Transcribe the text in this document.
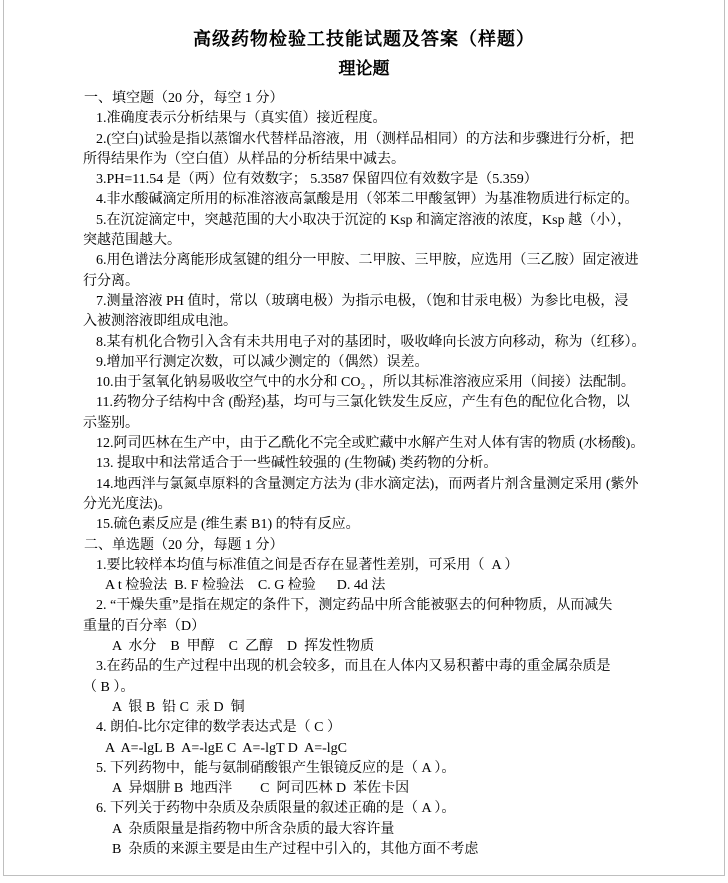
高级药物检验工技能试题及答案（样题）
理论题
一、填空题（20 分，每空 1 分）
1.准确度表示分析结果与（真实值）接近程度。
2.(空白)试验是指以蒸馏水代替样品溶液，用（测样品相同）的方法和步骤进行分析，把
所得结果作为（空白值）从样品的分析结果中减去。
3.PH=11.54 是（两）位有效数字； 5.3587 保留四位有效数字是（5.359）
4.非水酸碱滴定所用的标准溶液高氯酸是用（邻苯二甲酸氢钾）为基准物质进行标定的。
5.在沉淀滴定中，突越范围的大小取决于沉淀的 Ksp 和滴定溶液的浓度，Ksp 越（小），
突越范围越大。
6.用色谱法分离能形成氢键的组分一甲胺、二甲胺、三甲胺，应选用（三乙胺）固定液进
行分离。
7.测量溶液 PH 值时，常以（玻璃电极）为指示电极，（饱和甘汞电极）为参比电极，浸
入被测溶液即组成电池。
8.某有机化合物引入含有未共用电子对的基团时，吸收峰向长波方向移动，称为（红移）。
9.增加平行测定次数，可以减少测定的（偶然）误差。
10.由于氢氧化钠易吸收空气中的水分和 CO₂ ，所以其标准溶液应采用（间接）法配制。
11.药物分子结构中含 (酚羟)基，均可与三氯化铁发生反应，产生有色的配位化合物，以
示鉴别。
12.阿司匹林在生产中，由于乙酰化不完全或贮藏中水解产生对人体有害的物质 (水杨酸)。
13. 提取中和法常适合于一些碱性较强的 (生物碱) 类药物的分析。
14.地西泮与氯氮卓原料的含量测定方法为 (非水滴定法)，而两者片剂含量测定采用 (紫外
分光光度法)。
15.硫色素反应是 (维生素 B1) 的特有反应。
二、单选题（20 分，每题 1 分）
1.要比较样本均值与标准值之间是否存在显著性差别，可采用（  A ）
A t 检验法  B. F 检验法    C. G 检验      D. 4d 法
2. “干燥失重”是指在规定的条件下，测定药品中所含能被驱去的何种物质，从而减失
重量的百分率（D）
A  水分    B  甲醇    C  乙醇    D  挥发性物质
3.在药品的生产过程中出现的机会较多，而且在人体内又易积蓄中毒的重金属杂质是
（ B ）。
A  银 B  铅 C  汞 D  铜
4. 朗伯-比尔定律的数学表达式是（ C ）
A  A=-lgL B  A=-lgE C  A=-lgT D  A=-lgC
5. 下列药物中，能与氨制硝酸银产生银镜反应的是（ A ）。
A  异烟肼 B  地西泮        C  阿司匹林 D  苯佐卡因
6. 下列关于药物中杂质及杂质限量的叙述正确的是（ A ）。
A  杂质限量是指药物中所含杂质的最大容许量
B  杂质的来源主要是由生产过程中引入的，其他方面不考虑
